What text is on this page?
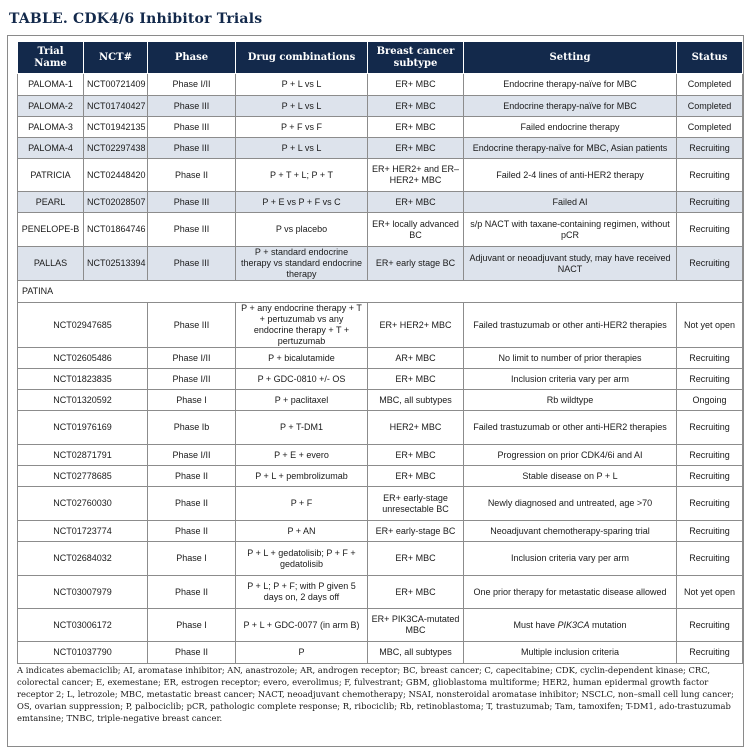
TABLE. CDK4/6 Inhibitor Trials
Trial Name	NCT#	Phase	Drug combinations	Breast cancer subtype	Setting	Status
PALOMA-1	NCT00721409	Phase I/II	P + L vs L	ER+ MBC	Endocrine therapy-naïve for MBC	Completed
PALOMA-2	NCT01740427	Phase III	P + L vs L	ER+ MBC	Endocrine therapy-naïve for MBC	Completed
PALOMA-3	NCT01942135	Phase III	P + F vs F	ER+ MBC	Failed endocrine therapy	Completed
PALOMA-4	NCT02297438	Phase III	P + L vs L	ER+ MBC	Endocrine therapy-naïve for MBC, Asian patients	Recruiting
PATRICIA	NCT02448420	Phase II	P + T + L; P + T	ER+ HER2+ and ER– HER2+ MBC	Failed 2-4 lines of anti-HER2 therapy	Recruiting
PEARL	NCT02028507	Phase III	P + E vs P + F vs C	ER+ MBC	Failed AI	Recruiting
PENELOPE-B	NCT01864746	Phase III	P vs placebo	ER+ locally advanced BC	s/p NACT with taxane-containing regimen, without pCR	Recruiting
PALLAS	NCT02513394	Phase III	P + standard endocrine therapy vs standard endocrine therapy	ER+ early stage BC	Adjuvant or neoadjuvant study, may have received NACT	Recruiting
PATINA						
NCT02947685		Phase III	P + any endocrine therapy + T + pertuzumab vs any endocrine therapy + T + pertuzumab	ER+ HER2+ MBC	Failed trastuzumab or other anti-HER2 therapies	Not yet open
NCT02605486		Phase I/II	P + bicalutamide	AR+ MBC	No limit to number of prior therapies	Recruiting
NCT01823835		Phase I/II	P + GDC-0810 +/- OS	ER+ MBC	Inclusion criteria vary per arm	Recruiting
NCT01320592		Phase I	P + paclitaxel	MBC, all subtypes	Rb wildtype	Ongoing
NCT01976169		Phase Ib	P + T-DM1	HER2+ MBC	Failed trastuzumab or other anti-HER2 therapies	Recruiting
NCT02871791		Phase I/II	P + E + evero	ER+ MBC	Progression on prior CDK4/6i and AI	Recruiting
NCT02778685		Phase II	P + L + pembrolizumab	ER+ MBC	Stable disease on P + L	Recruiting
NCT02760030		Phase II	P + F	ER+ early-stage unresectable BC	Newly diagnosed and untreated, age >70	Recruiting
NCT01723774		Phase II	P + AN	ER+ early-stage BC	Neoadjuvant chemotherapy-sparing trial	Recruiting
NCT02684032		Phase I	P + L + gedatolisib; P + F + gedatolisib	ER+ MBC	Inclusion criteria vary per arm	Recruiting
NCT03007979		Phase II	P + L; P + F; with P given 5 days on, 2 days off	ER+ MBC	One prior therapy for metastatic disease allowed	Not yet open
NCT03006172		Phase I	P + L + GDC-0077 (in arm B)	ER+ PIK3CA-mutated MBC	Must have PIK3CA mutation	Recruiting
NCT01037790		Phase II	P	MBC, all subtypes	Multiple inclusion criteria	Recruiting
A indicates abemaciclib; AI, aromatase inhibitor; AN, anastrozole; AR, androgen receptor; BC, breast cancer; C, capecitabine; CDK, cyclin-dependent kinase; CRC, colorectal cancer; E, exemestane; ER, estrogen receptor; evero, everolimus; F, fulvestrant; GBM, glioblastoma multiforme; HER2, human epidermal growth factor receptor 2; L, letrozole; MBC, metastatic breast cancer; NACT, neoadjuvant chemotherapy; NSAI, nonsteroidal aromatase inhibitor; NSCLC, non–small cell lung cancer; OS, ovarian suppression; P, palbociclib; pCR, pathologic complete response; R, ribociclib; Rb, retinoblastoma; T, trastuzumab; Tam, tamoxifen; T-DM1, ado-trastuzumab emtansine; TNBC, triple-negative breast cancer.
